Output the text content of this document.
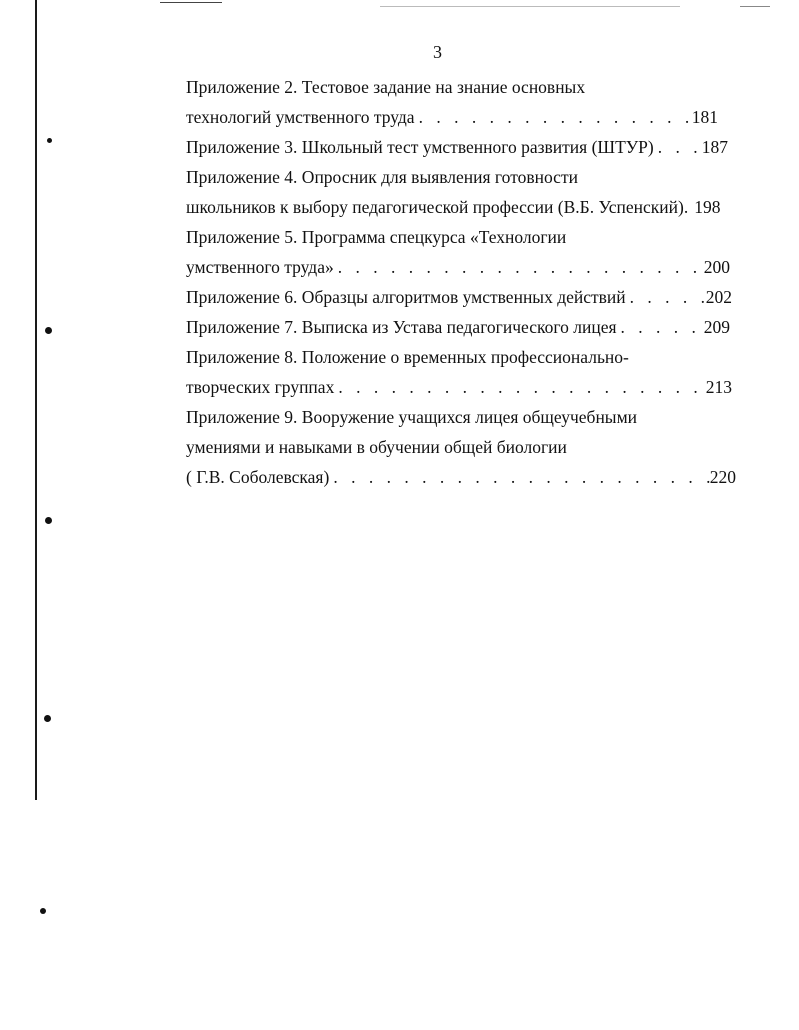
3
Приложение 2. Тестовое задание на знание основных
технологий умственного труда . . .	181
Приложение 3. Школьный тест умственного развития (ШТУР) . . .	187
Приложение 4. Опросник для выявления готовности
школьников к выбору педагогической профессии (В.Б. Успенский). 198
Приложение 5. Программа спецкурса «Технологии
умственного труда» . . .	200
Приложение 6. Образцы алгоритмов умственных действий . . .	202
Приложение 7. Выписка из Устава педагогического лицея . . .	209
Приложение 8. Положение о временных профессионально-
творческих группах . . .	213
Приложение 9. Вооружение учащихся лицея общеучебными
умениями и навыками в обучении общей биологии
( Г.В. Соболевская) . . .	220
